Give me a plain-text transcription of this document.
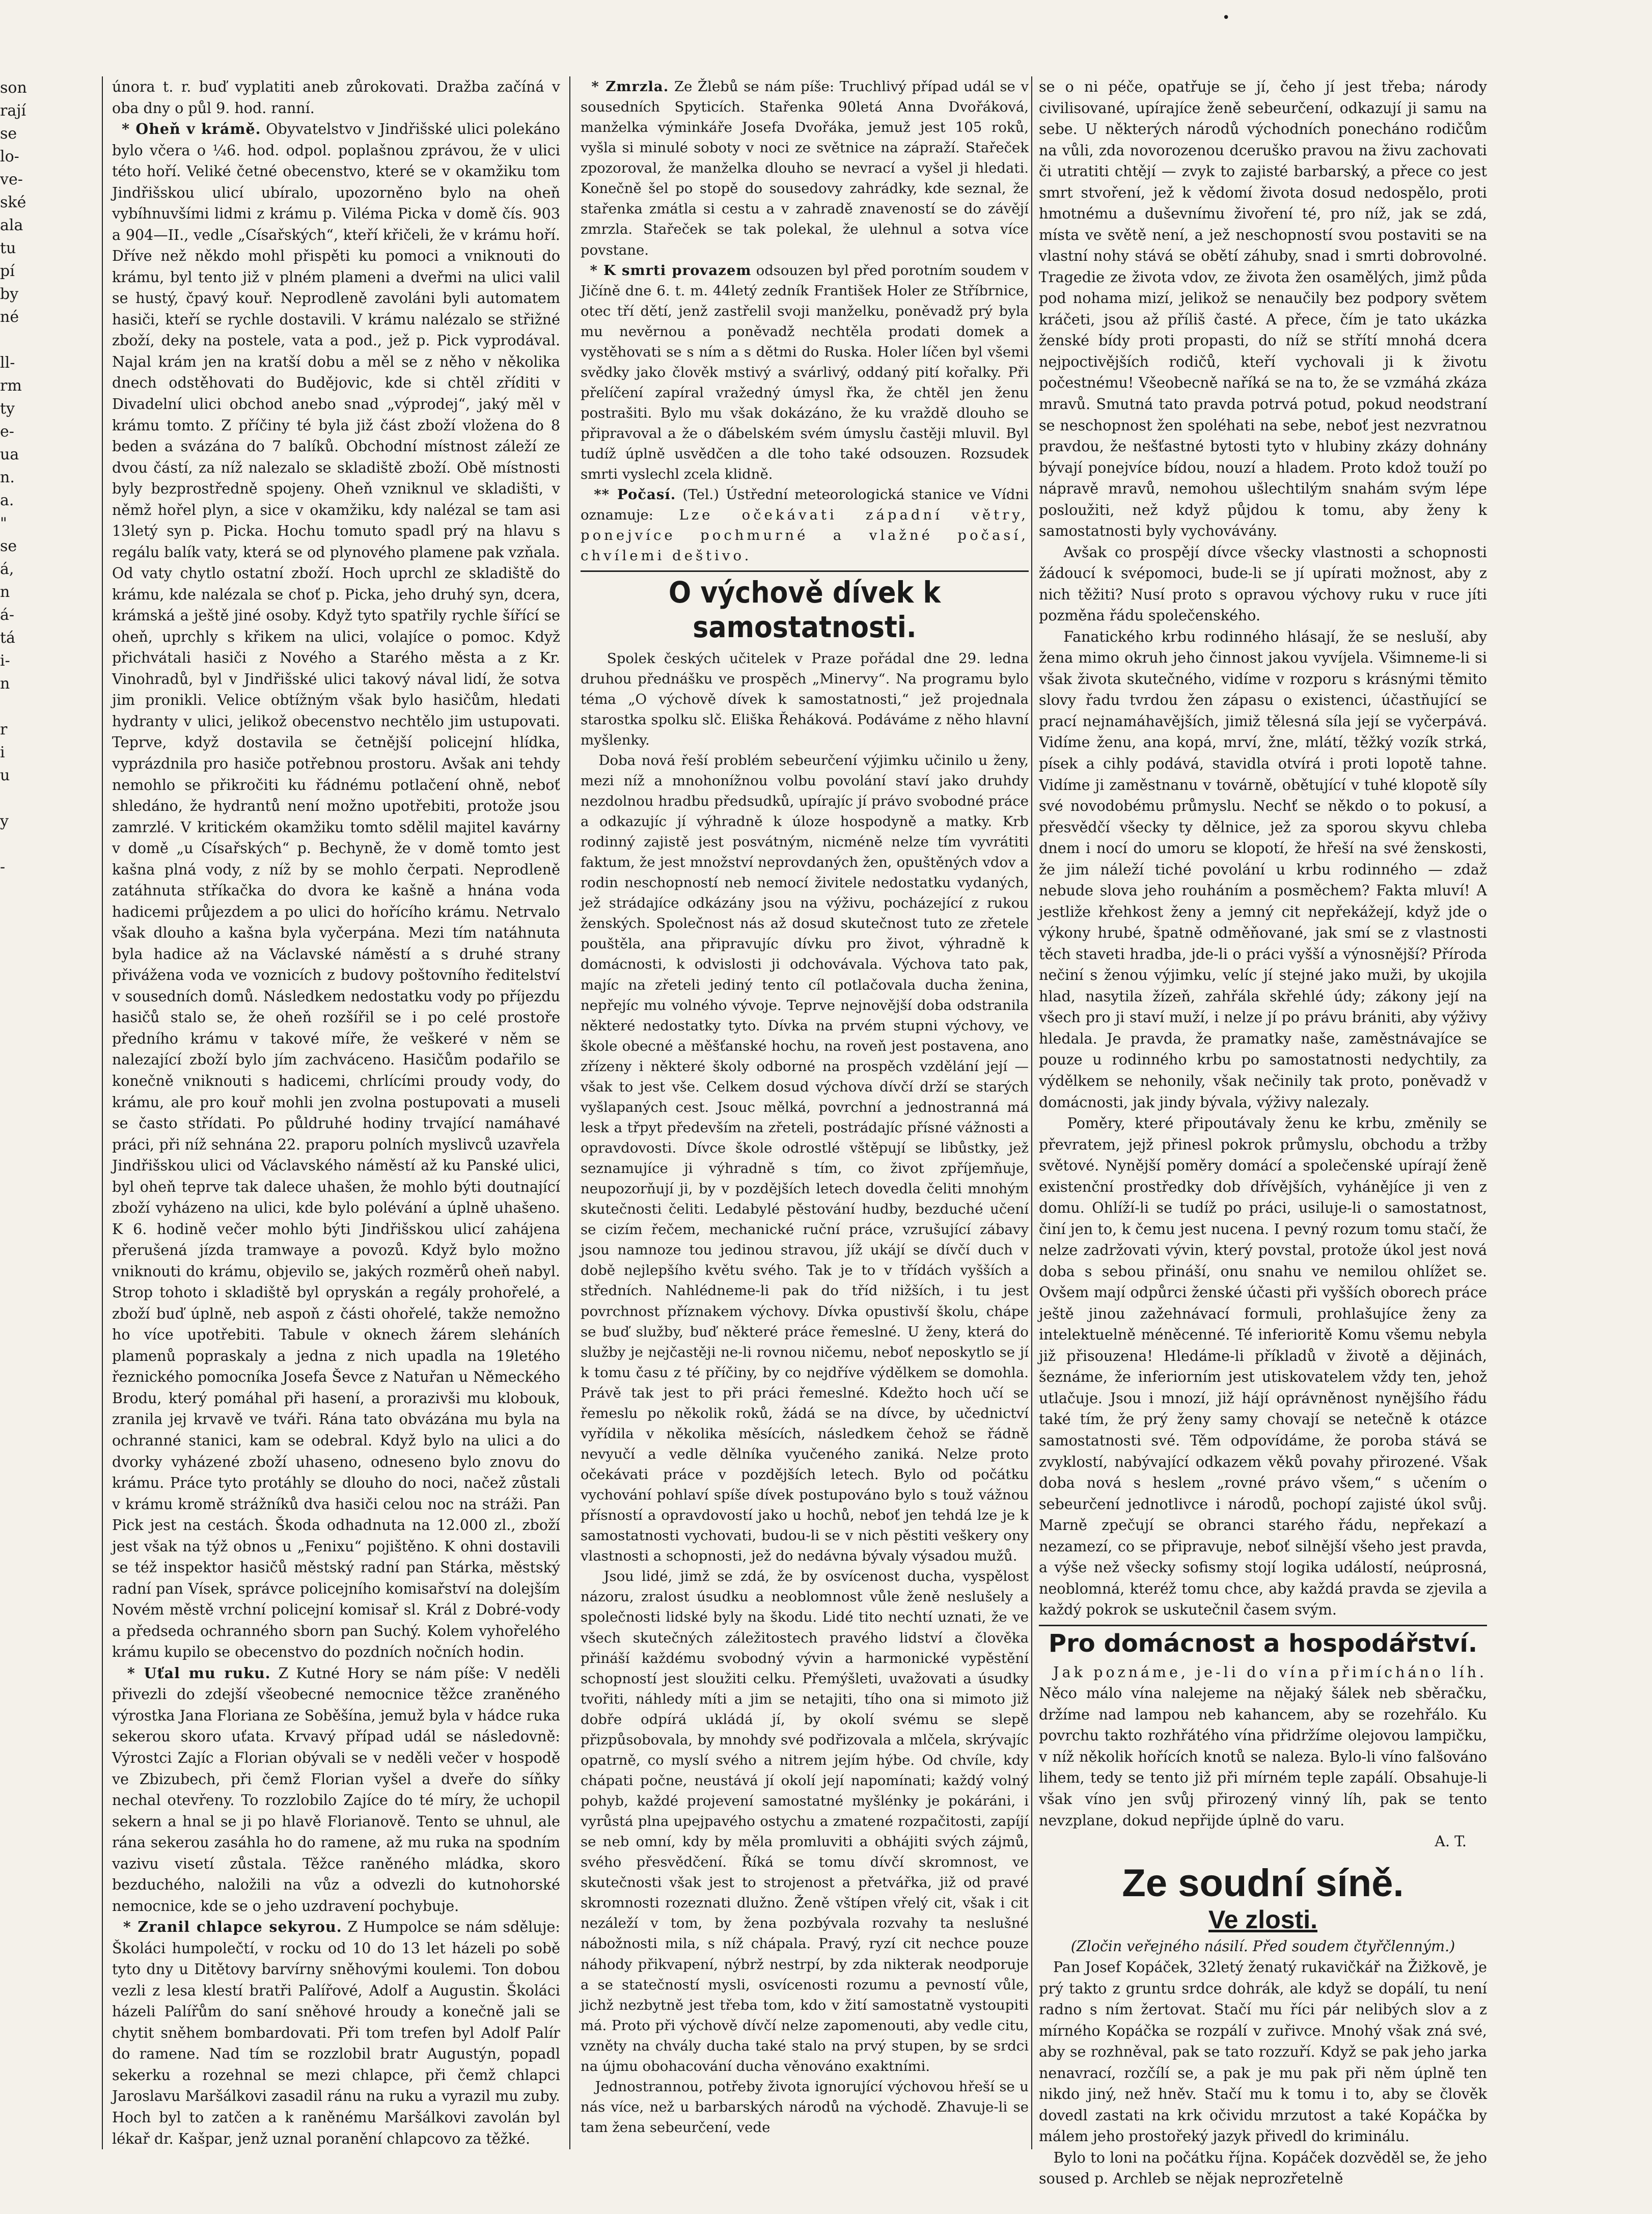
•

son

rají

se

lo-

ve-

ské

ala

tu

pí

by

né

ll-

rm

ty

e-

ua

n.

a.

"

se

á,

n

á-

tá

i-

n

r

i

u

y

-

února t. r. buď vyplatiti aneb zůrokovati. Dražba začíná v oba dny o půl 9. hod. ranní.

* Oheň v krámě. Obyvatelstvo v Jindřišské ulici polekáno bylo včera o ¼6. hod. odpol. poplašnou zprávou, že v ulici této hoří. Veliké četné obecenstvo, které se v okamžiku tom Jindřišskou ulicí ubíralo, upozorněno bylo na oheň vybíhnuvšími lidmi z krámu p. Viléma Picka v domě čís. 903 a 904—II., vedle „Císařských“, kteří křičeli, že v krámu hoří. Dříve než někdo mohl přispěti ku pomoci a vniknouti do krámu, byl tento již v plném plameni a dveřmi na ulici valil se hustý, čpavý kouř. Neprodleně zavoláni byli automatem hasiči, kteří se rychle dostavili. V krámu nalézalo se střižné zboží, deky na postele, vata a pod., jež p. Pick vyprodával. Najal krám jen na kratší dobu a měl se z něho v několika dnech odstěhovati do Budějovic, kde si chtěl zříditi v Divadelní ulici obchod anebo snad „výprodej“, jaký měl v krámu tomto. Z příčiny té byla již část zboží vložena do 8 beden a svázána do 7 balíků. Obchodní místnost záleží ze dvou částí, za níž nalezalo se skladiště zboží. Obě místnosti byly bezprostředně spojeny. Oheň vzniknul ve skladišti, v němž hořel plyn, a sice v okamžiku, kdy nalézal se tam asi 13letý syn p. Picka. Hochu tomuto spadl prý na hlavu s regálu balík vaty, která se od plynového plamene pak vzňala. Od vaty chytlo ostatní zboží. Hoch uprchl ze skladiště do krámu, kde nalézala se choť p. Picka, jeho druhý syn, dcera, krámská a ještě jiné osoby. Když tyto spatřily rychle šířící se oheň, uprchly s křikem na ulici, volajíce o pomoc. Když přichvátali hasiči z Nového a Starého města a z Kr. Vinohradů, byl v Jindřišské ulici takový nával lidí, že sotva jim pronikli. Velice obtížným však bylo hasičům, hledati hydranty v ulici, jelikož obecenstvo nechtělo jim ustupovati. Teprve, když dostavila se četnější policejní hlídka, vyprázdnila pro hasiče potřebnou prostoru. Avšak ani tehdy nemohlo se přikročiti ku řádnému potlačení ohně, neboť shledáno, že hydrantů není možno upotřebiti, protože jsou zamrzlé. V kritickém okamžiku tomto sdělil majitel kavárny v domě „u Císařských“ p. Bechyně, že v domě tomto jest kašna plná vody, z níž by se mohlo čerpati. Neprodleně zatáhnuta stříkačka do dvora ke kašně a hnána voda hadicemi průjezdem a po ulici do hořícího krámu. Netrvalo však dlouho a kašna byla vyčerpána. Mezi tím natáhnuta byla hadice až na Václavské náměstí a s druhé strany přivážena voda ve voznicích z budovy poštovního ředitelství v sousedních domů. Následkem nedostatku vody po příjezdu hasičů stalo se, že oheň rozšířil se i po celé prostoře předního krámu v takové míře, že veškeré v něm se nalezající zboží bylo jím zachváceno. Hasičům podařilo se konečně vniknouti s hadicemi, chrlícími proudy vody, do krámu, ale pro kouř mohli jen zvolna postupovati a museli se často střídati. Po půldruhé hodiny trvající namáhavé práci, při níž sehnána 22. praporu polních myslivců uzavřela Jindřišskou ulici od Václavského náměstí až ku Panské ulici, byl oheň teprve tak dalece uhašen, že mohlo býti doutnající zboží vyházeno na ulici, kde bylo polévání a úplně uhašeno. K 6. hodině večer mohlo býti Jindřišskou ulicí zahájena přerušená jízda tramwaye a povozů. Když bylo možno vniknouti do krámu, objevilo se, jakých rozměrů oheň nabyl. Strop tohoto i skladiště byl opryskán a regály prohořelé, a zboží buď úplně, neb aspoň z části ohořelé, takže nemožno ho více upotřebiti. Tabule v oknech žárem sleháních plamenů popraskaly a jedna z nich upadla na 19letého řeznického pomocníka Josefa Ševce z Natuřan u Německého Brodu, který pomáhal při hasení, a prorazivši mu klobouk, zranila jej krvavě ve tváři. Rána tato obvázána mu byla na ochranné stanici, kam se odebral. Když bylo na ulici a do dvorky vyházené zboží uhaseno, odneseno bylo znovu do krámu. Práce tyto protáhly se dlouho do noci, načež zůstali v krámu kromě strážníků dva hasiči celou noc na stráži. Pan Pick jest na cestách. Škoda odhadnuta na 12.000 zl., zboží jest však na týž obnos u „Fenixu“ pojištěno. K ohni dostavili se též inspektor hasičů městský radní pan Stárka, městský radní pan Vísek, správce policejního komisařství na dolejším Novém městě vrchní policejní komisař sl. Král z Dobré-vody a předseda ochranného sborn pan Suchý. Kolem vyhořelého krámu kupilo se obecenstvo do pozdních nočních hodin.

* Uťal mu ruku. Z Kutné Hory se nám píše: V neděli přivezli do zdejší všeobecné nemocnice těžce zraněného výrostka Jana Floriana ze Soběšína, jemuž byla v hádce ruka sekerou skoro uťata. Krvavý případ udál se následovně: Výrostci Zajíc a Florian obývali se v neděli večer v hospodě ve Zbizubech, při čemž Florian vyšel a dveře do síňky nechal otevřeny. To rozzlobilo Zajíce do té míry, že uchopil sekern a hnal se ji po hlavě Florianově. Tento se uhnul, ale rána sekerou zasáhla ho do ramene, až mu ruka na spodním vazivu visetí zůstala. Těžce raněného mládka, skoro bezduchého, naložili na vůz a odvezli do kutnohorské nemocnice, kde se o jeho uzdravení pochybuje.

* Zranil chlapce sekyrou. Z Humpolce se nám sděluje: Školáci humpolečtí, v rocku od 10 do 13 let házeli po sobě tyto dny u Ditětovy barvírny sněhovými koulemi. Ton dobou vezli z lesa klestí bratři Palířové, Adolf a Augustin. Školáci házeli Palířům do saní sněhové hroudy a konečně jali se chytit sněhem bombardovati. Při tom trefen byl Adolf Palír do ramene. Nad tím se rozzlobil bratr Augustýn, popadl sekerku a rozehnal se mezi chlapce, při čemž chlapci Jaroslavu Maršálkovi zasadil ránu na ruku a vyrazil mu zuby. Hoch byl to zatčen a k raněnému Maršálkovi zavolán byl lékař dr. Kašpar, jenž uznal poranění chlapcovo za těžké.

* Zmrzla. Ze Žlebů se nám píše: Truchlivý případ udál se v sousedních Spyticích. Stařenka 90letá Anna Dvořáková, manželka výminkáře Josefa Dvořáka, jemuž jest 105 roků, vyšla si minulé soboty v noci ze světnice na zápraží. Stařeček zpozoroval, že manželka dlouho se nevrací a vyšel ji hledati. Konečně šel po stopě do sousedovy zahrádky, kde seznal, že stařenka zmátla si cestu a v zahradě znaveností se do závějí zmrzla. Stařeček se tak polekal, že ulehnul a sotva více povstane.

* K smrti provazem odsouzen byl před porotním soudem v Jičíně dne 6. t. m. 44letý zedník František Holer ze Stříbrnice, otec tří dětí, jenž zastřelil svoji manželku, poněvadž prý byla mu nevěrnou a poněvadž nechtěla prodati domek a vystěhovati se s ním a s dětmi do Ruska. Holer líčen byl všemi svědky jako člověk mstivý a svárlivý, oddaný pití kořalky. Při přelíčení zapíral vražedný úmysl řka, že chtěl jen ženu postrašiti. Bylo mu však dokázáno, že ku vraždě dlouho se připravoval a že o ďábelském svém úmyslu častěji mluvil. Byl tudíž úplně usvědčen a dle toho také odsouzen. Rozsudek smrti vyslechl zcela klidně.

** Počasí. (Tel.) Ústřední meteorologická stanice ve Vídni oznamuje: Lze očekávati západní větry, ponejvíce pochmurné a vlažné počasí, chvílemi deštivo.

O výchově dívek k samostatnosti.

Spolek českých učitelek v Praze pořádal dne 29. ledna druhou přednášku ve prospěch „Minervy“. Na programu bylo téma „O výchově dívek k samostatnosti,“ jež projednala starostka spolku slč. Eliška Řeháková. Podáváme z něho hlavní myšlenky.

Doba nová řeší problém sebeurčení výjimku učinilo u ženy, mezi níž a mnohonížnou volbu povolání staví jako druhdy nezdolnou hradbu předsudků, upírajíc jí právo svobodné práce a odkazujíc jí výhradně k úloze hospodyně a matky. Krb rodinný zajistě jest posvátným, nicméně nelze tím vyvrátiti faktum, že jest množství neprovdaných žen, opuštěných vdov a rodin neschopností neb nemocí živitele nedostatku vydaných, jež strádajíce odkázány jsou na výživu, pocházející z rukou ženských. Společnost nás až dosud skutečnost tuto ze zřetele pouštěla, ana připravujíc dívku pro život, výhradně k domácnosti, k odvislosti ji odchovávala. Výchova tato pak, majíc na zřeteli jediný tento cíl potlačovala ducha ženina, nepřejíc mu volného vývoje. Teprve nejnovější doba odstranila některé nedostatky tyto. Dívka na prvém stupni výchovy, ve škole obecné a měšťanské hochu, na roveň jest postavena, ano zřízeny i některé školy odborné na prospěch vzdělání její — však to jest vše. Celkem dosud výchova dívčí drží se starých vyšlapaných cest. Jsouc mělká, povrchní a jednostranná má lesk a třpyt především na zřeteli, postrádajíc přísné vážnosti a opravdovosti. Dívce škole odrostlé vštěpují se libůstky, jež seznamujíce ji výhradně s tím, co život zpříjemňuje, neupozorňují ji, by v pozdějších letech dovedla čeliti mnohým skutečnosti čeliti. Ledabylé pěstování hudby, bezduché učení se cizím řečem, mechanické ruční práce, vzrušující zábavy jsou namnoze tou jedinou stravou, jíž ukájí se dívčí duch v době nejlepšího květu svého. Tak je to v třídách vyšších a středních. Nahlédneme-li pak do tříd nižších, i tu jest povrchnost příznakem výchovy. Dívka opustivší školu, chápe se buď služby, buď některé práce řemeslné. U ženy, která do služby je nejčastěji ne-li rovnou ničemu, neboť neposkytlo se jí k tomu času z té příčiny, by co nejdříve výdělkem se domohla. Právě tak jest to při práci řemeslné. Kdežto hoch učí se řemeslu po několik roků, žádá se na dívce, by učednictví vyřídila v několika měsících, následkem čehož se řádně nevyučí a vedle dělníka vyučeného zaniká. Nelze proto očekávati práce v pozdějších letech. Bylo od počátku vychování pohlaví spíše dívek postupováno bylo s touž vážnou přísností a opravdovostí jako u hochů, neboť jen tehdá lze je k samostatnosti vychovati, budou-li se v nich pěstiti veškery ony vlastnosti a schopnosti, jež do nedávna bývaly výsadou mužů.

Jsou lidé, jimž se zdá, že by osvícenost ducha, vyspělost názoru, zralost úsudku a neoblomnost vůle ženě neslušely a společnosti lidské byly na škodu. Lidé tito nechtí uznati, že ve všech skutečných záležitostech pravého lidství a člověka přináší každému svobodný vývin a harmonické vypěstění schopností jest sloužiti celku. Přemýšleti, uvažovati a úsudky tvořiti, náhledy míti a jim se netajiti, tího ona si mimoto již dobře odpírá ukládá jí, by okolí svému se slepě přizpůsobovala, by mnohdy své podřizovala a mlčela, skrývajíc opatrně, co myslí svého a nitrem jejím hýbe. Od chvíle, kdy chápati počne, neustává jí okolí její napomínati; každý volný pohyb, každé projevení samostatné myšlénky je pokáráni, i vyrůstá plna upejpavého ostychu a zmatené rozpačitosti, zapíjí se neb omní, kdy by měla promluviti a obhájiti svých zájmů, svého přesvědčení. Říká se tomu dívčí skromnost, ve skutečnosti však jest to strojenost a přetvářka, již od pravé skromnosti rozeznati dlužno. Ženě vštípen vřelý cit, však i cit nezáleží v tom, by žena pozbývala rozvahy ta neslušné nábožnosti mila, s níž chápala. Pravý, ryzí cit nechce pouze náhody přikvapení, nýbrž nestrpí, by zda nikterak neodporuje a se statečností mysli, osvícenosti rozumu a pevností vůle, jichž nezbytně jest třeba tom, kdo v žití samostatně vystoupiti má. Proto při výchově dívčí nelze zapomenouti, aby vedle citu, vzněty na chvály ducha také stalo na prvý stupen, by se srdci na újmu obohacování ducha věnováno exaktními.

Jednostrannou, potřeby života ignorující výchovou hřeší se u nás více, než u barbarských národů na východě. Zhavuje-li se tam žena sebeurčení, vede

se o ni péče, opatřuje se jí, čeho jí jest třeba; národy civilisované, upírajíce ženě sebeurčení, odkazují ji samu na sebe. U některých národů východních ponecháno rodičům na vůli, zda novorozenou dceruško pravou na živu zachovati či utratiti chtějí — zvyk to zajisté barbarský, a přece co jest smrt stvoření, jež k vědomí života dosud nedospělo, proti hmotnému a duševnímu živoření té, pro níž, jak se zdá, místa ve světě není, a jež neschopností svou postaviti se na vlastní nohy stává se obětí záhuby, snad i smrti dobrovolné. Tragedie ze života vdov, ze života žen osamělých, jimž půda pod nohama mizí, jelikož se nenaučily bez podpory světem kráčeti, jsou až příliš časté. A přece, čím je tato ukázka ženské bídy proti propasti, do níž se střítí mnohá dcera nejpoctivějších rodičů, kteří vychovali ji k životu počestnému! Všeobecně naříká se na to, že se vzmáhá zkáza mravů. Smutná tato pravda potrvá potud, pokud neodstraní se neschopnost žen spoléhati na sebe, neboť jest nezvratnou pravdou, že nešťastné bytosti tyto v hlubiny zkázy dohnány bývají ponejvíce bídou, nouzí a hladem. Proto kdož touží po nápravě mravů, nemohou ušlechtilým snahám svým lépe posloužiti, než když půjdou k tomu, aby ženy k samostatnosti byly vychovávány.

Avšak co prospějí dívce všecky vlastnosti a schopnosti žádoucí k svépomoci, bude-li se jí upírati možnost, aby z nich těžiti? Nusí proto s opravou výchovy ruku v ruce jíti pozměna řádu společenského.

Fanatického krbu rodinného hlásají, že se nesluší, aby žena mimo okruh jeho činnost jakou vyvíjela. Všimneme-li si však života skutečného, vidíme v rozporu s krásnými těmito slovy řadu tvrdou žen zápasu o existenci, účastňující se prací nejnamáhavějších, jimiž tělesná síla její se vyčerpává. Vidíme ženu, ana kopá, mrví, žne, mlátí, těžký vozík strká, písek a cihly podává, stavidla otvírá i proti lopotě tahne. Vidíme ji zaměstnanu v továrně, obětující v tuhé klopotě síly své novodobému průmyslu. Nechť se někdo o to pokusí, a přesvědčí všecky ty dělnice, jež za sporou skyvu chleba dnem i nocí do umoru se klopotí, že hřeší na své ženskosti, že jim náleží tiché povolání u krbu rodinného — zdaž nebude slova jeho rouháním a posměchem? Fakta mluví! A jestliže křehkost ženy a jemný cit nepřekážejí, když jde o výkony hrubé, špatně odměňované, jak smí se z vlastnosti těch staveti hradba, jde-li o práci vyšší a výnosnější? Příroda nečiní s ženou výjimku, velíc jí stejné jako muži, by ukojila hlad, nasytila žízeň, zahřála skřehlé údy; zákony její na všech pro ji staví muží, i nelze jí po právu brániti, aby výživy hledala. Je pravda, že pramatky naše, zaměstnávajíce se pouze u rodinného krbu po samostatnosti nedychtily, za výdělkem se nehonily, však nečinily tak proto, poněvadž v domácnosti, jak jindy bývala, výživy nalezaly.

Poměry, které připoutávaly ženu ke krbu, změnily se převratem, jejž přinesl pokrok průmyslu, obchodu a tržby světové. Nynější poměry domácí a společenské upírají ženě existenční prostředky dob dřívějších, vyhánějíce ji ven z domu. Ohlíží-li se tudíž po práci, usiluje-li o samostatnost, činí jen to, k čemu jest nucena. I pevný rozum tomu stačí, že nelze zadržovati vývin, který povstal, protože úkol jest nová doba s sebou přináší, onu snahu ve nemilou ohlížet se. Ovšem mají odpůrci ženské účasti při vyšších oborech práce ještě jinou zažehnávací formuli, prohlašujíce ženy za intelektuelně méněcenné. Té inferioritě Komu všemu nebyla již přisouzena! Hledáme-li příkladů v životě a dějinách, šeznáme, že inferiorním jest utiskovatelem vždy ten, jehož utlačuje. Jsou i mnozí, již hájí oprávněnost nynějšího řádu také tím, že prý ženy samy chovají se netečně k otázce samostatnosti své. Těm odpovídáme, že poroba stává se zvyklostí, nabývající odkazem věků povahy přirozené. Však doba nová s heslem „rovné právo všem,“ s učením o sebeurčení jednotlivce i národů, pochopí zajisté úkol svůj. Marně zpečují se obranci starého řádu, nepřekazí a nezamezí, co se připravuje, neboť silnější všeho jest pravda, a výše než všecky sofismy stojí logika událostí, neúprosná, neoblomná, kteréž tomu chce, aby každá pravda se zjevila a každý pokrok se uskutečnil časem svým.

Pro domácnost a hospodářství.

Jak poznáme, je-li do vína přimícháno líh. Něco málo vína nalejeme na nějaký šálek neb sběračku, držíme nad lampou neb kahancem, aby se rozehřálo. Ku povrchu takto rozhřátého vína přidržíme olejovou lampičku, v níž několik hořících knotů se naleza. Bylo-li víno falšováno lihem, tedy se tento již při mírném teple zapálí. Obsahuje-li však víno jen svůj přirozený vinný líh, pak se tento nevzplane, dokud nepřijde úplně do varu.

A. T.

Ze soudní síně.
Ve zlosti.

(Zločin veřejného násilí. Před soudem čtyřčlenným.)

Pan Josef Kopáček, 32letý ženatý rukavičkář na Žižkově, je prý takto z gruntu srdce dohrák, ale když se dopálí, tu není radno s ním žertovat. Stačí mu říci pár nelibých slov a z mírného Kopáčka se rozpálí v zuřivce. Mnohý však zná své, aby se rozhněval, pak se tato rozzuří. Když se pak jeho jarka nenavrací, rozčílí se, a pak je mu pak při něm úplně ten nikdo jiný, než hněv. Stačí mu k tomu i to, aby se člověk dovedl zastati na krk očividu mrzutost a také Kopáčka by málem jeho prostořeký jazyk přivedl do kriminálu.

Bylo to loni na počátku října. Kopáček dozvěděl se, že jeho soused p. Archleb se nějak neprozřetelně
